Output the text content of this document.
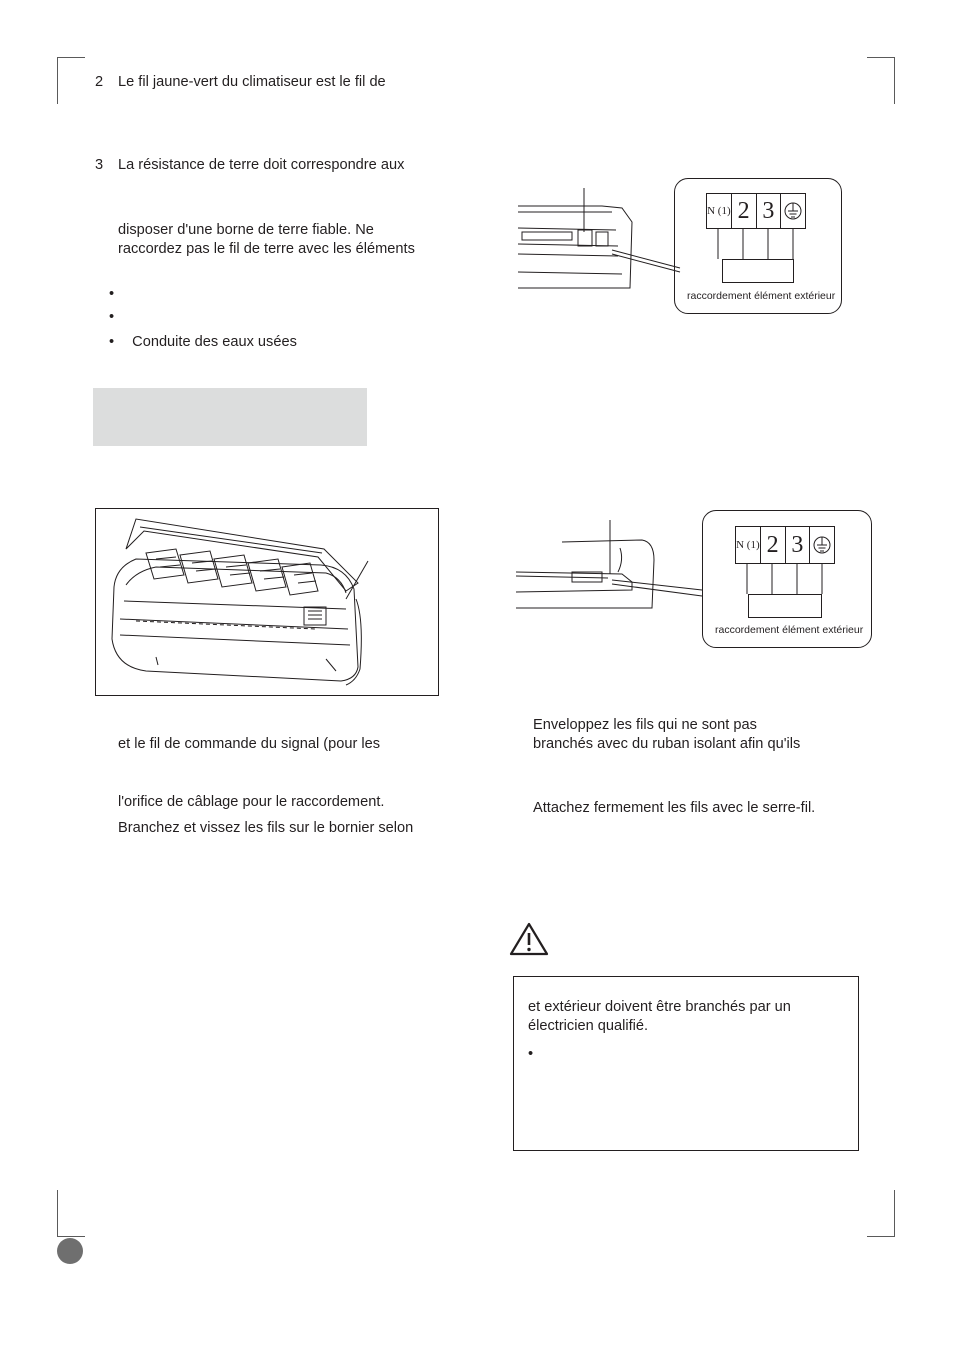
2 Le fil jaune-vert du climatiseur est le fil de
3 La résistance de terre doit correspondre aux
disposer d'une borne de terre fiable. Ne
raccordez pas le fil de terre avec les éléments
•
•
• Conduite des eaux usées
et le fil de commande du signal (pour les
l'orifice de câblage pour le raccordement.
Branchez et vissez les fils sur le bornier selon
N (1) 2 3
raccordement élément extérieur
N (1) 2 3
raccordement élément extérieur
Enveloppez les fils qui ne sont pas
branchés avec du ruban isolant afin qu'ils
Attachez fermement les fils avec le serre-fil.
et extérieur doivent être branchés par un
électricien qualifié.
•
